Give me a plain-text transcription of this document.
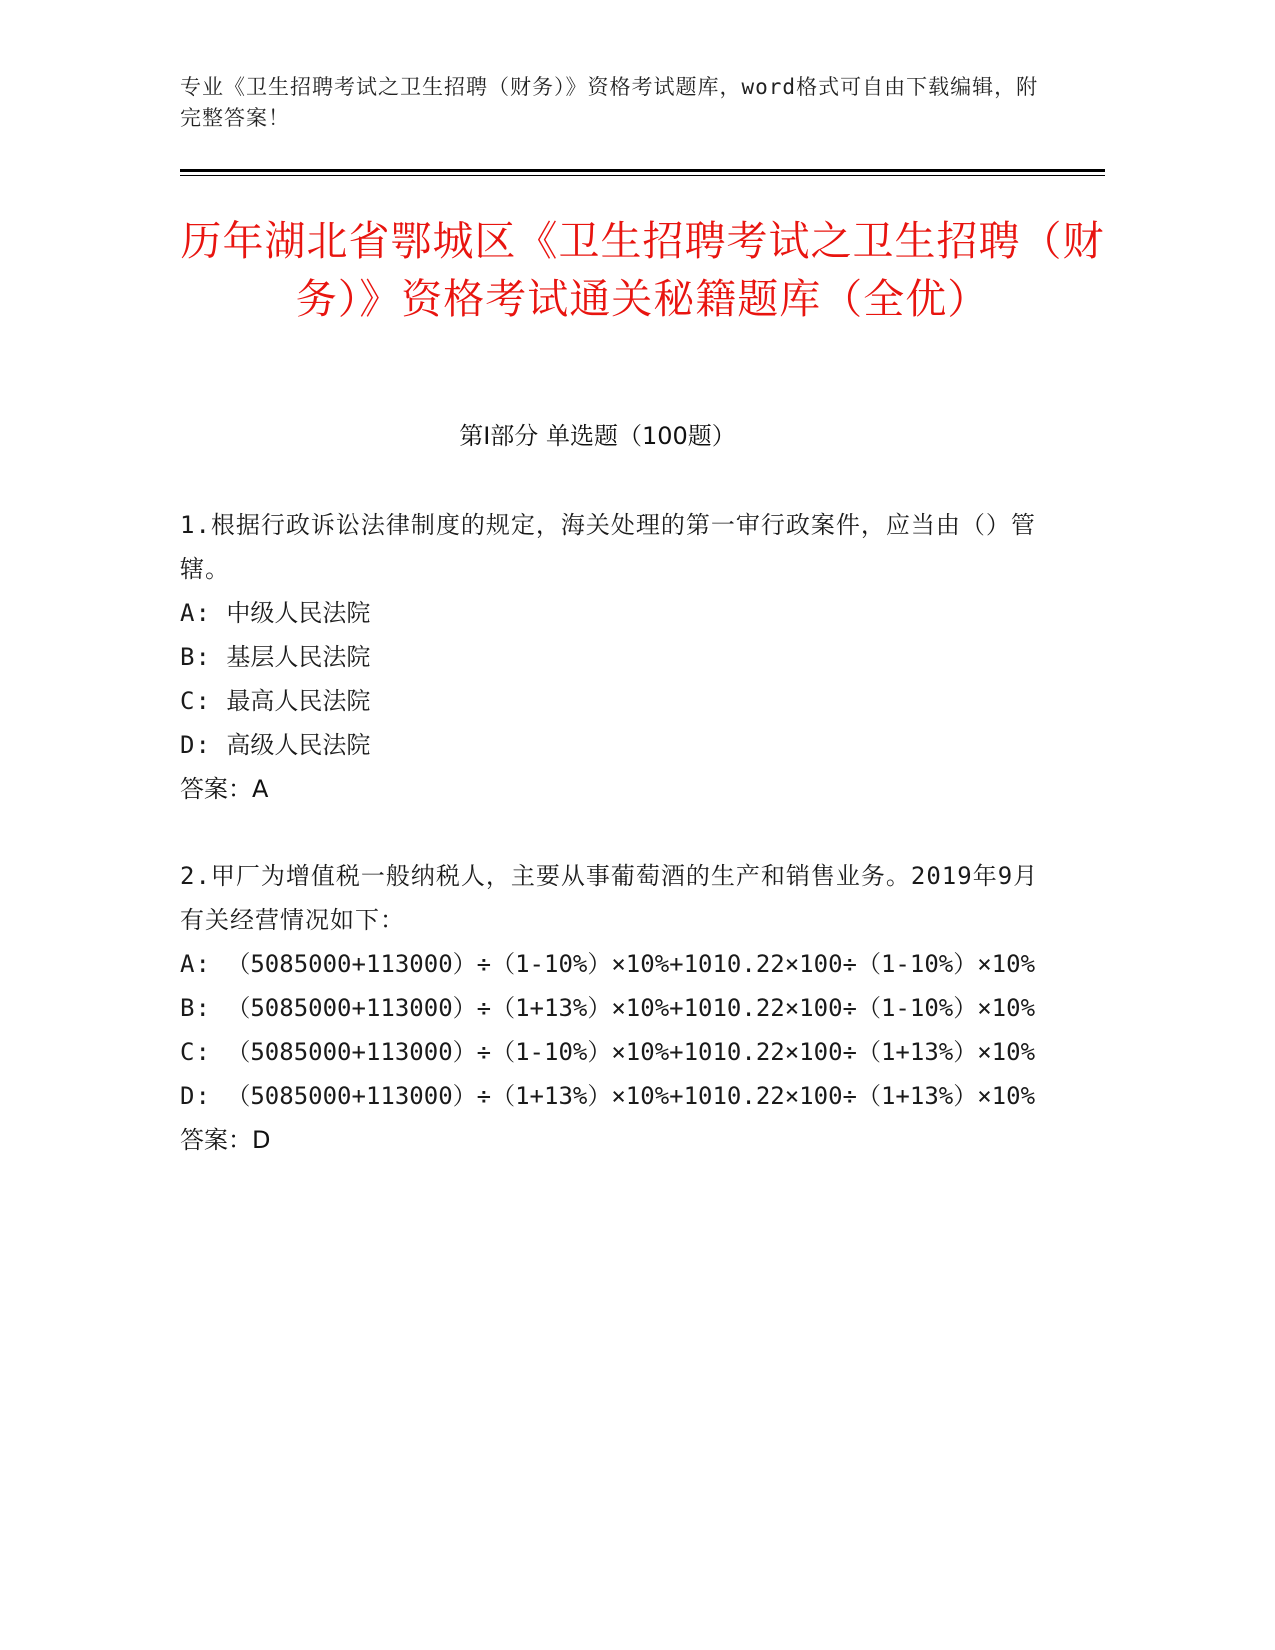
专业《卫生招聘考试之卫生招聘（财务）》资格考试题库，word格式可自由下载编辑，附完整答案！
历年湖北省鄂城区《卫生招聘考试之卫生招聘（财务）》资格考试通关秘籍题库（全优）
第Ⅰ部分 单选题（100题）

1.根据行政诉讼法律制度的规定，海关处理的第一审行政案件，应当由（）管辖。

A: 中级人民法院

B: 基层人民法院

C: 最高人民法院

D: 高级人民法院

答案：A

2.甲厂为增值税一般纳税人，主要从事葡萄酒的生产和销售业务。2019年9月有关经营情况如下：

A: （5085000+113000）÷（1-10%）×10%+1010.22×100÷（1-10%）×10%

B: （5085000+113000）÷（1+13%）×10%+1010.22×100÷（1-10%）×10%

C: （5085000+113000）÷（1-10%）×10%+1010.22×100÷（1+13%）×10%

D: （5085000+113000）÷（1+13%）×10%+1010.22×100÷（1+13%）×10%

答案：D
